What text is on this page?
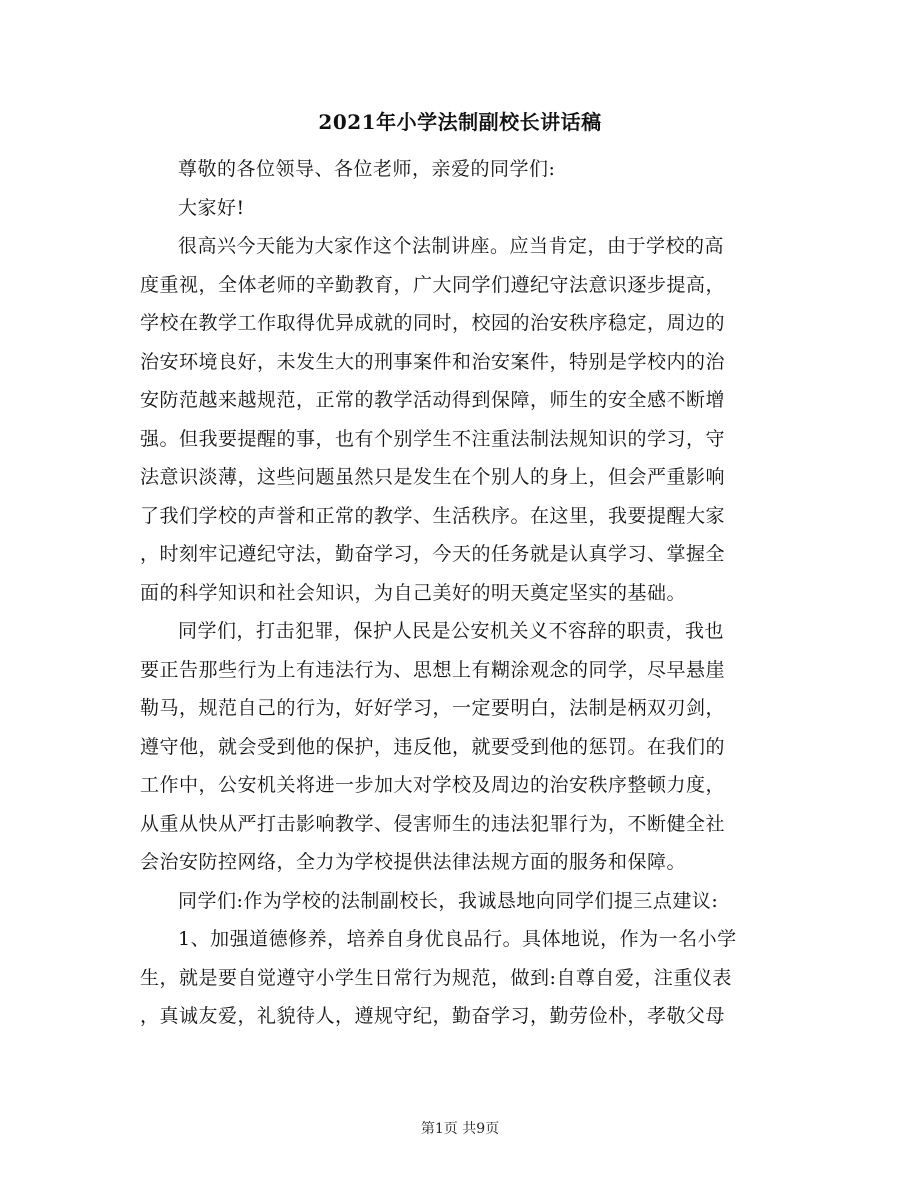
2021年小学法制副校长讲话稿
尊敬的各位领导、各位老师，亲爱的同学们:
大家好!
很高兴今天能为大家作这个法制讲座。应当肯定，由于学校的高
度重视，全体老师的辛勤教育，广大同学们遵纪守法意识逐步提高，
学校在教学工作取得优异成就的同时，校园的治安秩序稳定，周边的
治安环境良好，未发生大的刑事案件和治安案件，特别是学校内的治
安防范越来越规范，正常的教学活动得到保障，师生的安全感不断增
强。但我要提醒的事，也有个别学生不注重法制法规知识的学习，守
法意识淡薄，这些问题虽然只是发生在个别人的身上，但会严重影响
了我们学校的声誉和正常的教学、生活秩序。在这里，我要提醒大家
，时刻牢记遵纪守法，勤奋学习，今天的任务就是认真学习、掌握全
面的科学知识和社会知识，为自己美好的明天奠定坚实的基础。
同学们，打击犯罪，保护人民是公安机关义不容辞的职责，我也
要正告那些行为上有违法行为、思想上有糊涂观念的同学，尽早悬崖
勒马，规范自己的行为，好好学习，一定要明白，法制是柄双刃剑，
遵守他，就会受到他的保护，违反他，就要受到他的惩罚。在我们的
工作中，公安机关将进一步加大对学校及周边的治安秩序整顿力度，
从重从快从严打击影响教学、侵害师生的违法犯罪行为，不断健全社
会治安防控网络，全力为学校提供法律法规方面的服务和保障。
同学们:作为学校的法制副校长，我诚恳地向同学们提三点建议:
1、加强道德修养，培养自身优良品行。具体地说，作为一名小学
生，就是要自觉遵守小学生日常行为规范，做到:自尊自爱，注重仪表
，真诚友爱，礼貌待人，遵规守纪，勤奋学习，勤劳俭朴，孝敬父母
第1页 共9页
